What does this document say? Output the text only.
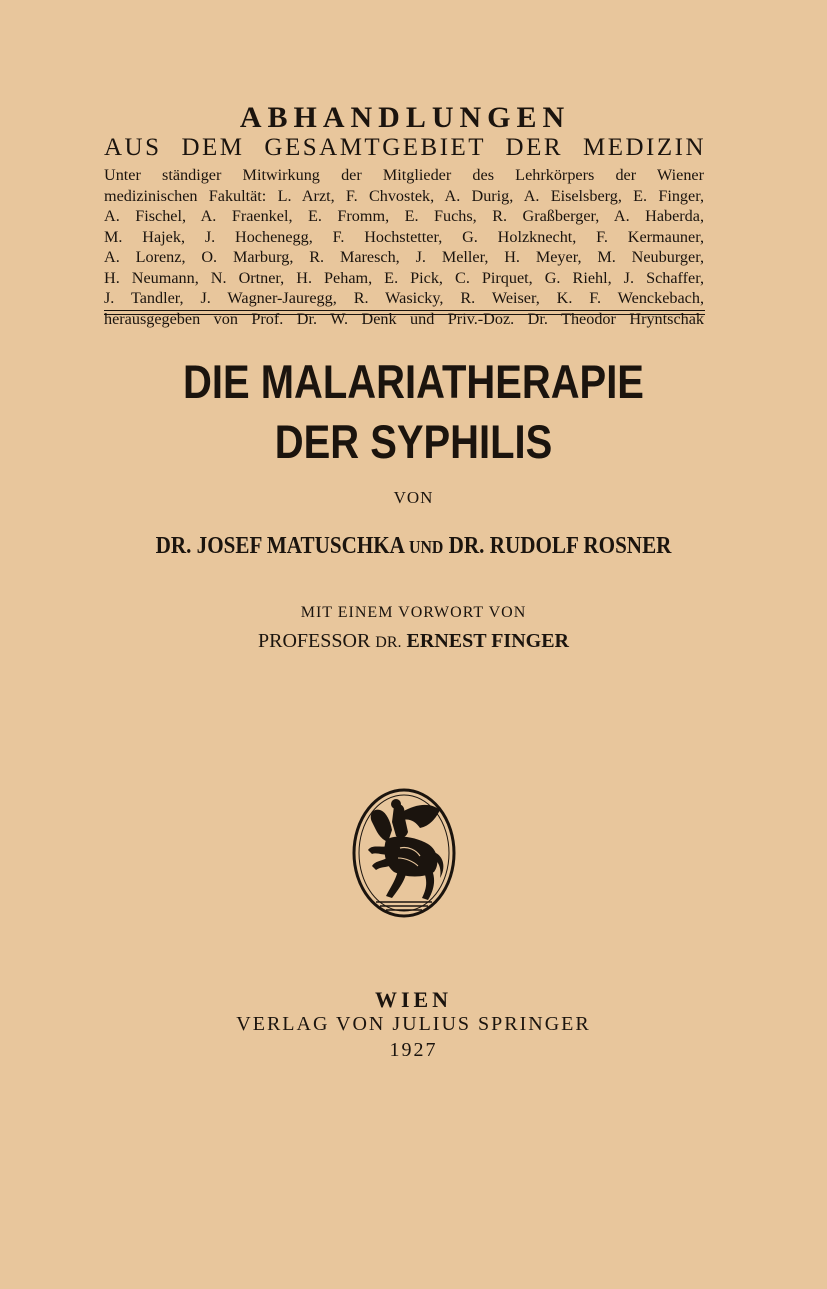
ABHANDLUNGEN
AUS DEM GESAMTGEBIET DER MEDIZIN
Unter ständiger Mitwirkung der Mitglieder des Lehrkörpers der Wiener
medizinischen Fakultät: L. Arzt, F. Chvostek, A. Durig, A. Eiselsberg, E. Finger,
A. Fischel, A. Fraenkel, E. Fromm, E. Fuchs, R. Graßberger, A. Haberda,
M. Hajek, J. Hochenegg, F. Hochstetter, G. Holzknecht, F. Kermauner,
A. Lorenz, O. Marburg, R. Maresch, J. Meller, H. Meyer, M. Neuburger,
H. Neumann, N. Ortner, H. Peham, E. Pick, C. Pirquet, G. Riehl, J. Schaffer,
J. Tandler, J. Wagner-Jauregg, R. Wasicky, R. Weiser, K. F. Wenckebach,
herausgegeben von Prof. Dr. W. Denk und Priv.-Doz. Dr. Theodor Hryntschak
DIE MALARIATHERAPIE
DER SYPHILIS
VON
DR. JOSEF MATUSCHKA UND DR. RUDOLF ROSNER
MIT EINEM VORWORT VON
PROFESSOR DR. ERNEST FINGER
WIEN
VERLAG VON JULIUS SPRINGER
1927
